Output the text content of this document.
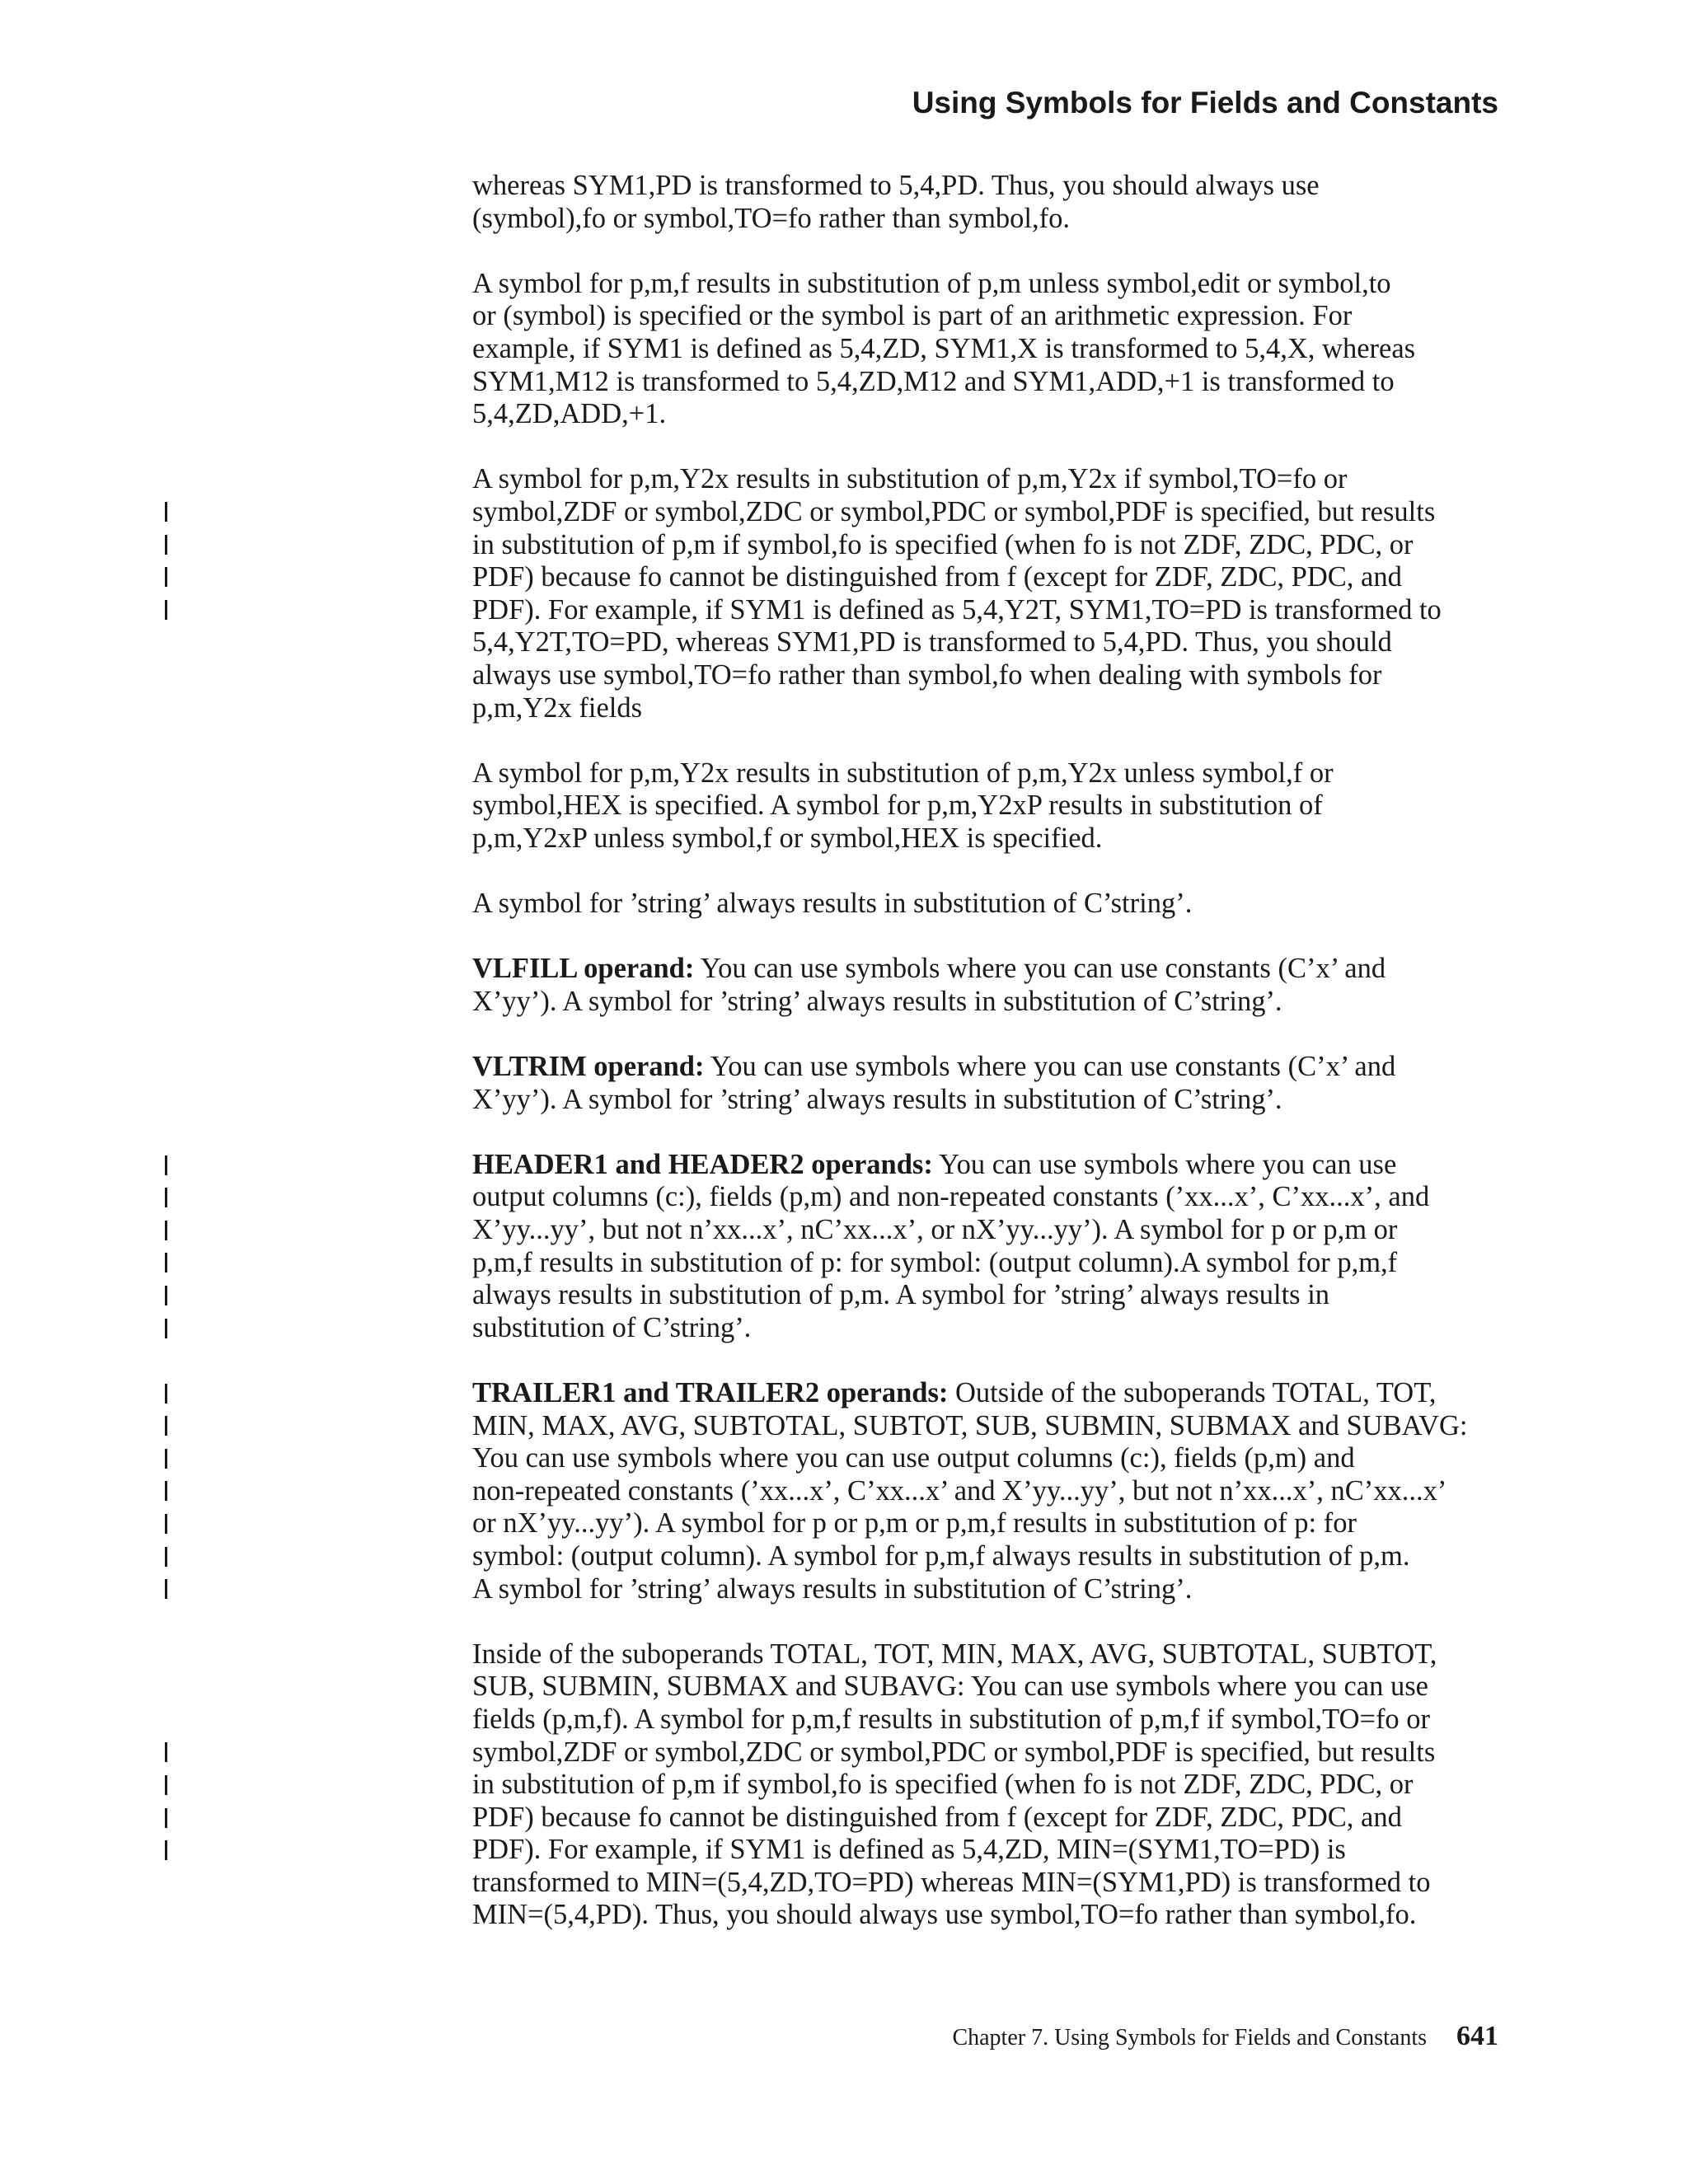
Using Symbols for Fields and Constants
whereas SYM1,PD is transformed to 5,4,PD. Thus, you should always use
(symbol),fo or symbol,TO=fo rather than symbol,fo.
A symbol for p,m,f results in substitution of p,m unless symbol,edit or symbol,to
or (symbol) is specified or the symbol is part of an arithmetic expression. For
example, if SYM1 is defined as 5,4,ZD, SYM1,X is transformed to 5,4,X, whereas
SYM1,M12 is transformed to 5,4,ZD,M12 and SYM1,ADD,+1 is transformed to
5,4,ZD,ADD,+1.
A symbol for p,m,Y2x results in substitution of p,m,Y2x if symbol,TO=fo or
symbol,ZDF or symbol,ZDC or symbol,PDC or symbol,PDF is specified, but results
in substitution of p,m if symbol,fo is specified (when fo is not ZDF, ZDC, PDC, or
PDF) because fo cannot be distinguished from f (except for ZDF, ZDC, PDC, and
PDF). For example, if SYM1 is defined as 5,4,Y2T, SYM1,TO=PD is transformed to
5,4,Y2T,TO=PD, whereas SYM1,PD is transformed to 5,4,PD. Thus, you should
always use symbol,TO=fo rather than symbol,fo when dealing with symbols for
p,m,Y2x fields
A symbol for p,m,Y2x results in substitution of p,m,Y2x unless symbol,f or
symbol,HEX is specified. A symbol for p,m,Y2xP results in substitution of
p,m,Y2xP unless symbol,f or symbol,HEX is specified.
A symbol for ’string’ always results in substitution of C’string’.
VLFILL operand: You can use symbols where you can use constants (C’x’ and
X’yy’). A symbol for ’string’ always results in substitution of C’string’.
VLTRIM operand: You can use symbols where you can use constants (C’x’ and
X’yy’). A symbol for ’string’ always results in substitution of C’string’.
HEADER1 and HEADER2 operands: You can use symbols where you can use
output columns (c:), fields (p,m) and non-repeated constants (’xx...x’, C’xx...x’, and
X’yy...yy’, but not n’xx...x’, nC’xx...x’, or nX’yy...yy’). A symbol for p or p,m or
p,m,f results in substitution of p: for symbol: (output column).A symbol for p,m,f
always results in substitution of p,m. A symbol for ’string’ always results in
substitution of C’string’.
TRAILER1 and TRAILER2 operands: Outside of the suboperands TOTAL, TOT,
MIN, MAX, AVG, SUBTOTAL, SUBTOT, SUB, SUBMIN, SUBMAX and SUBAVG:
You can use symbols where you can use output columns (c:), fields (p,m) and
non-repeated constants (’xx...x’, C’xx...x’ and X’yy...yy’, but not n’xx...x’, nC’xx...x’
or nX’yy...yy’). A symbol for p or p,m or p,m,f results in substitution of p: for
symbol: (output column). A symbol for p,m,f always results in substitution of p,m.
A symbol for ’string’ always results in substitution of C’string’.
Inside of the suboperands TOTAL, TOT, MIN, MAX, AVG, SUBTOTAL, SUBTOT,
SUB, SUBMIN, SUBMAX and SUBAVG: You can use symbols where you can use
fields (p,m,f). A symbol for p,m,f results in substitution of p,m,f if symbol,TO=fo or
symbol,ZDF or symbol,ZDC or symbol,PDC or symbol,PDF is specified, but results
in substitution of p,m if symbol,fo is specified (when fo is not ZDF, ZDC, PDC, or
PDF) because fo cannot be distinguished from f (except for ZDF, ZDC, PDC, and
PDF). For example, if SYM1 is defined as 5,4,ZD, MIN=(SYM1,TO=PD) is
transformed to MIN=(5,4,ZD,TO=PD) whereas MIN=(SYM1,PD) is transformed to
MIN=(5,4,PD). Thus, you should always use symbol,TO=fo rather than symbol,fo.
Chapter 7. Using Symbols for Fields and Constants 641
